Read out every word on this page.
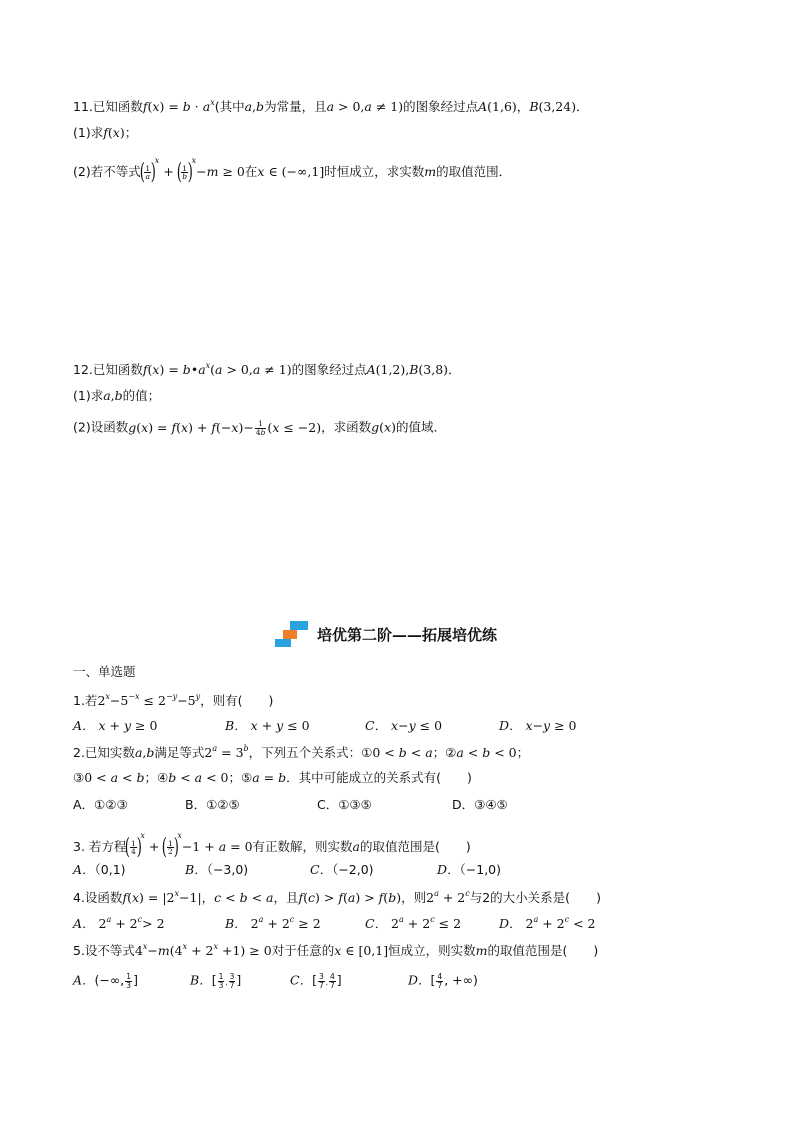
11.已知函数$f(x) = b \cdot a^x$(其中a,b为常量，且a > 0,a ≠ 1)的图象经过点A(1,6)，B(3,24)．
(1)求f(x)；
(2)若不等式( $\frac{1}{a} )^x$ + ( $\frac{1}{b} )^x-m \ge 0$在x ∈ (−∞,1]时恒成立，求实数m的取值范围．
12.已知函数$f(x) = b•a^x(a > 0,a \ne 1)$的图象经过点A(1,2),B(3,8)．
(1)求a,b的值；
(2)设函数$g(x) = f(x) + f(-x)- \frac{1}{4b} (x \le -2)$，求函数g(x)的值域．
培优第二阶——拓展培优练
一、单选题
1.若$2^x-5^{-x} \le 2^{-y}-5^y$，则有( )
A． x + y ≥ 0	B． x + y ≤ 0	C． x−y ≤ 0	D． x−y ≥ 0
2.已知实数a,b满足等式$2^a = 3^b$，下列五个关系式：①0 < b < a；②a < b < 0；
③0 < a < b；④b < a < 0；⑤a = b．其中可能成立的关系式有( )
A．①②③	B．①②⑤	C．①③⑤	D．③④⑤
3. 若方程( $\frac{1}{4} )^x$ + ( $\frac{1}{2} )^x-1 + a = 0$有正数解，则实数a的取值范围是( )
A．（0,1)	B．（−3,0)	C．（−2,0)	D．（−1,0)
4.设函数$f(x) = |2^x-1|$，c < b < a，且f(c) > f(a) > f(b)，则$2^a + 2^c$与2的大小关系是( )
A． $2^a + 2^c> 2$	B． $2^a + 2^c \ge 2$	C． $2^a + 2^c \le 2$	D． $2^a + 2^c < 2$
5.设不等式$4^x-m(4^x + 2^x +1) \ge 0$对于任意的x ∈ [0,1]恒成立，则实数m的取值范围是( )
A．(−∞, $\frac{1}{3}$ ]	B．[ $\frac{1}{3}$ , $\frac{3}{7}$ ]	C．[ $\frac{3}{7}$ , $\frac{4}{7}$ ]	D．[ $\frac{4}{7}$ , +∞)
